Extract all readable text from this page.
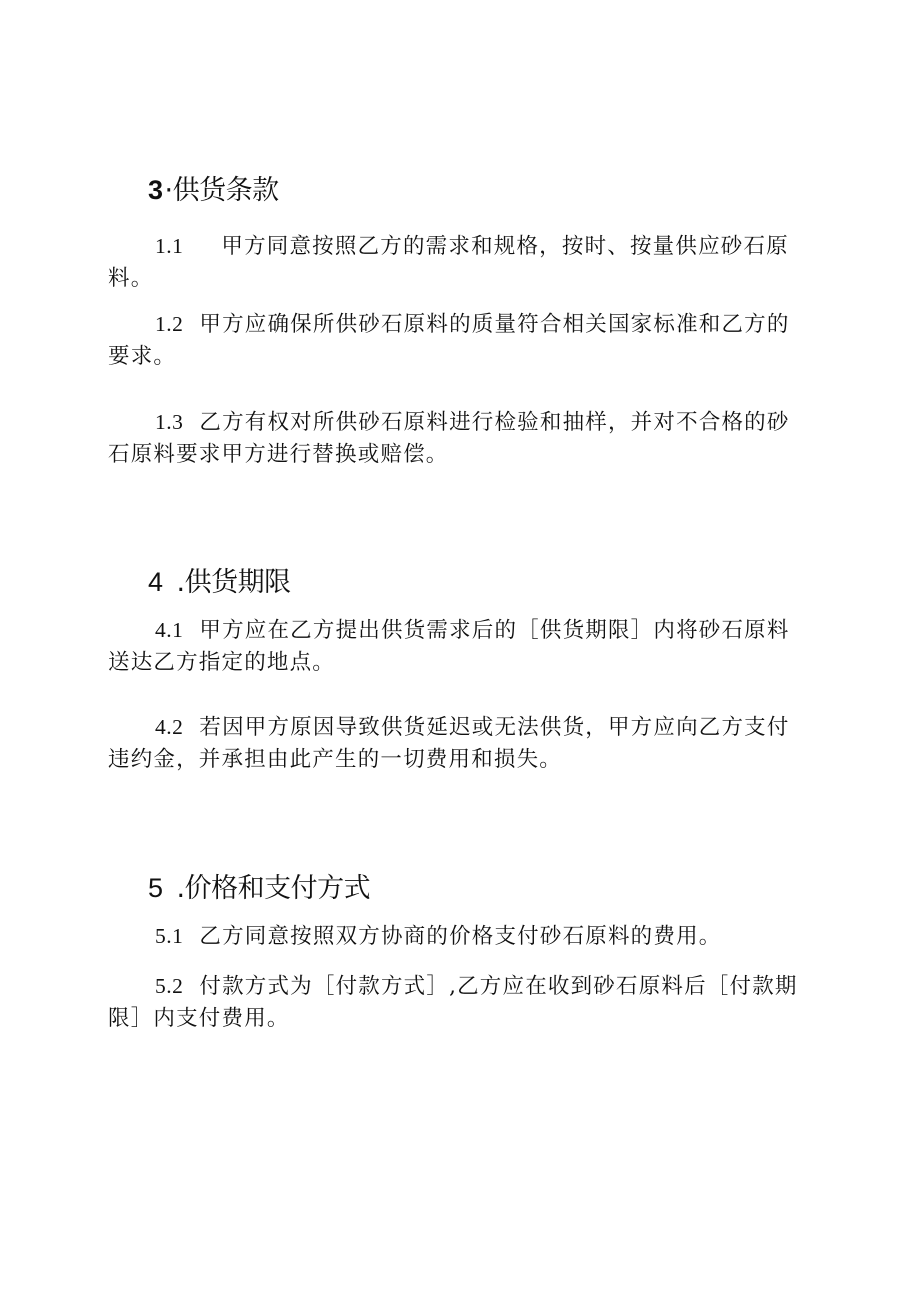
3·供货条款
1.1 甲方同意按照乙方的需求和规格，按时、按量供应砂石原
料。
1.2 甲方应确保所供砂石原料的质量符合相关国家标准和乙方的
要求。
1.3 乙方有权对所供砂石原料进行检验和抽样，并对不合格的砂
石原料要求甲方进行替换或赔偿。
4 .供货期限
4.1 甲方应在乙方提出供货需求后的［供货期限］内将砂石原料
送达乙方指定的地点。
4.2 若因甲方原因导致供货延迟或无法供货，甲方应向乙方支付
违约金，并承担由此产生的一切费用和损失。
5 .价格和支付方式
5.1 乙方同意按照双方协商的价格支付砂石原料的费用。
5.2 付款方式为［付款方式］,乙方应在收到砂石原料后［付款期
限］内支付费用。
